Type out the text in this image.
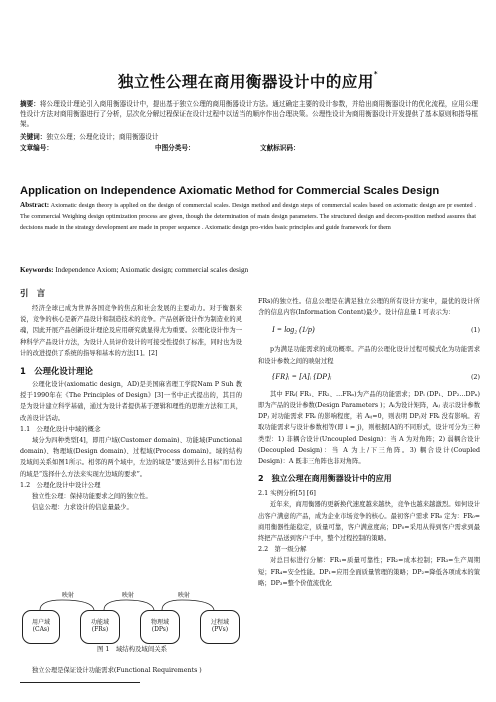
独立性公理在商用衡器设计中的应用*
摘要：将公理设计理论引入商用衡器设计中，提出基于独立公理的商用衡器设计方法。通过确定主要的设计参数，并给出商用衡器设计的优化流程，应用公理性设计方法对商用衡器进行了分析，层次化分解过程保证在设计过程中以适当的顺序作出合理决策。公理性设计为商用衡器设计开发提供了基本原则和指导框架。
关键词：独立公理；公理化设计；商用衡器设计
文章编号：	中图分类号：	文献标识码：
Application on Independence Axiomatic Method for Commercial Scales Design
Abstract: Axiomatic design theory is applied on the design of commercial scales. Design method and design steps of commercial scales based on axiomatic design are pr esented . The commercial Weighing design optimization process are given, though the determination of main design parameters. The structured design and decom-position method assures that decisions made in the strategy development are made in proper sequence . Axiomatic design pro-vides basic principles and guide framework for them
Keywords: Independence Axiom; Axiomatic design; commercial scales design
引　言
经济全球已成为世界各国竞争的焦点和社会发展的主要动力。对于衡器来说，竞争的核心是新产品设计和制造技术的竞争。产品创新设计作为制造业的灵魂，因此开展产品创新设计理论及应用研究就显得尤为重要。公理化设计作为一种科学产品设计方法，为设计人员评价设计的可接受性提供了标准，同时也为设计的改进提供了系统的指导和基本的方法[1]。[2]
1　公理化设计理论
公理化设计(axiomatic design，AD)是美国麻省理工学院Nam P Suh 教授于1990年在《The Principles of Design》[3]一书中正式提出的，其目的是为设计建立科学基础，通过为设计者提供基于逻辑和理性的思维方法和工具，改善设计活动。
1.1　公理化设计中域的概念
域分为四种类型[4]，即用户域(Customer domain)、功能域(Functional domain)、物理域(Design domain)、过程域(Process domain)。域的结构及域间关系如图1所示。相邻的两个域中，左边的域是“要达到什么目标”而右边的域是“选择什么方法来实现左边域的要求”。
1.2　公理化设计中设计公理
独立性公理：保持功能要求之间的独立性。
信息公理：力求设计的信息量最少。
映射	映射	映射
用户域
(CAs)
功能域
(FRs)
物理域
(DPs)
过程域
(PVs)
图 1　域结构及域间关系
独立公理是保证设计功能需求(Functional Requirements )
FRs)的独立性。信息公理是在满足独立公理的所有设计方案中，最优的设计所含的信息内容(Information Content)最少。设计信息量 I 可表示为：
I = log₂ (1/p)	(1)
p为满足功能需求的成功概率。产品的公理化设计过程可模式化为功能需求和设计参数之间的映射过程
{FR}ᵢ = [A]ᵢ {DP}ᵢ	(2)
其中 FRᵢ( FR₁、FR₂、…FRₙ)为产品的功能需求；DPᵢ (DP₁、DP₂…DPₙ)即为产品的设计参数(Design Parameters )；Aᵢ为设计矩阵，Aᵢⱼ 表示设计参数 DPⱼ 对功能需求 FRᵢ 的影响程度，若 Aᵢⱼ=0，则表明 DPⱼ对 FRᵢ 没有影响。若取功能需求与设计参数相等(即 i = j)，则根据[A]的不同形式，设计可分为三种类型：1) 非耦合设计(Uncoupled Design)：当 A 为对角阵；2) 弱耦合设计(Decoupled Design)：当 A 为上/下三角阵。3) 耦合设计(Coupled Design)：A 既非三角阵也非对角阵。
2　独立公理在商用衡器设计中的应用
2.1 实例分析[5] [6]
近年来，商用衡器的更新换代速度越来越快，竞争也越来越激烈。如何设计出客户满意的产品，成为企业市场竞争的核心。最初客户需求 FR₀ 定为：FR₀=商用衡器性能稳定，质量可靠，客户满意度高；DP₀=采用从得到客户需求到最终把产品送到客户手中，整个过程控制的策略。
2.2　第一级分解
对总目标进行分解：FR₁=质量可靠性；FR₂=成本控制；FR₃=生产周期短；FR₄=安全性能。DP₁=应用全面质量管理的策略；DP₂=降低各项成本的策略；DP₃=整个价值流优化
